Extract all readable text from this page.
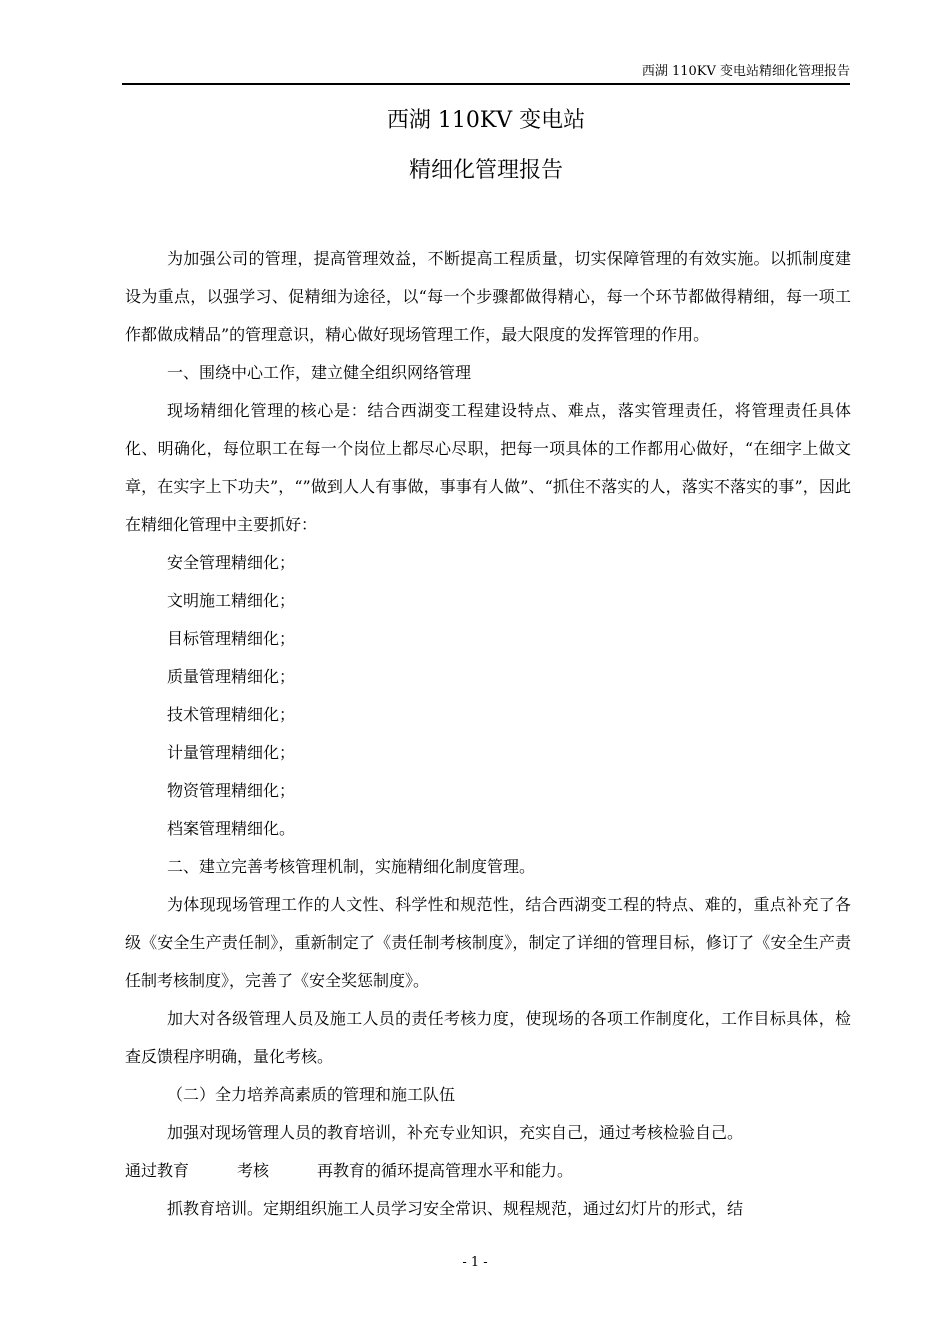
西湖 110KV 变电站精细化管理报告
西湖 110KV 变电站
精细化管理报告

为加强公司的管理，提高管理效益，不断提高工程质量，切实保障管理的有效实施。以抓制度建设为重点，以强学习、促精细为途径，以“每一个步骤都做得精心，每一个环节都做得精细，每一项工作都做成精品”的管理意识，精心做好现场管理工作，最大限度的发挥管理的作用。

一、围绕中心工作，建立健全组织网络管理

现场精细化管理的核心是：结合西湖变工程建设特点、难点，落实管理责任，将管理责任具体化、明确化，每位职工在每一个岗位上都尽心尽职，把每一项具体的工作都用心做好，“在细字上做文章，在实字上下功夫”，“”做到人人有事做，事事有人做”、“抓住不落实的人，落实不落实的事”，因此在精细化管理中主要抓好：

安全管理精细化；

文明施工精细化；

目标管理精细化；

质量管理精细化；

技术管理精细化；

计量管理精细化；

物资管理精细化；

档案管理精细化。

二、建立完善考核管理机制，实施精细化制度管理。

为体现现场管理工作的人文性、科学性和规范性，结合西湖变工程的特点、难的，重点补充了各级《安全生产责任制》，重新制定了《责任制考核制度》，制定了详细的管理目标，修订了《安全生产责任制考核制度》，完善了《安全奖惩制度》。

加大对各级管理人员及施工人员的责任考核力度，使现场的各项工作制度化，工作目标具体，检查反馈程序明确，量化考核。

（二）全力培养高素质的管理和施工队伍

加强对现场管理人员的教育培训，补充专业知识，充实自己，通过考核检验自己。

通过教育　　　考核　　　再教育的循环提高管理水平和能力。

抓教育培训。定期组织施工人员学习安全常识、规程规范，通过幻灯片的形式，结

- 1 -
